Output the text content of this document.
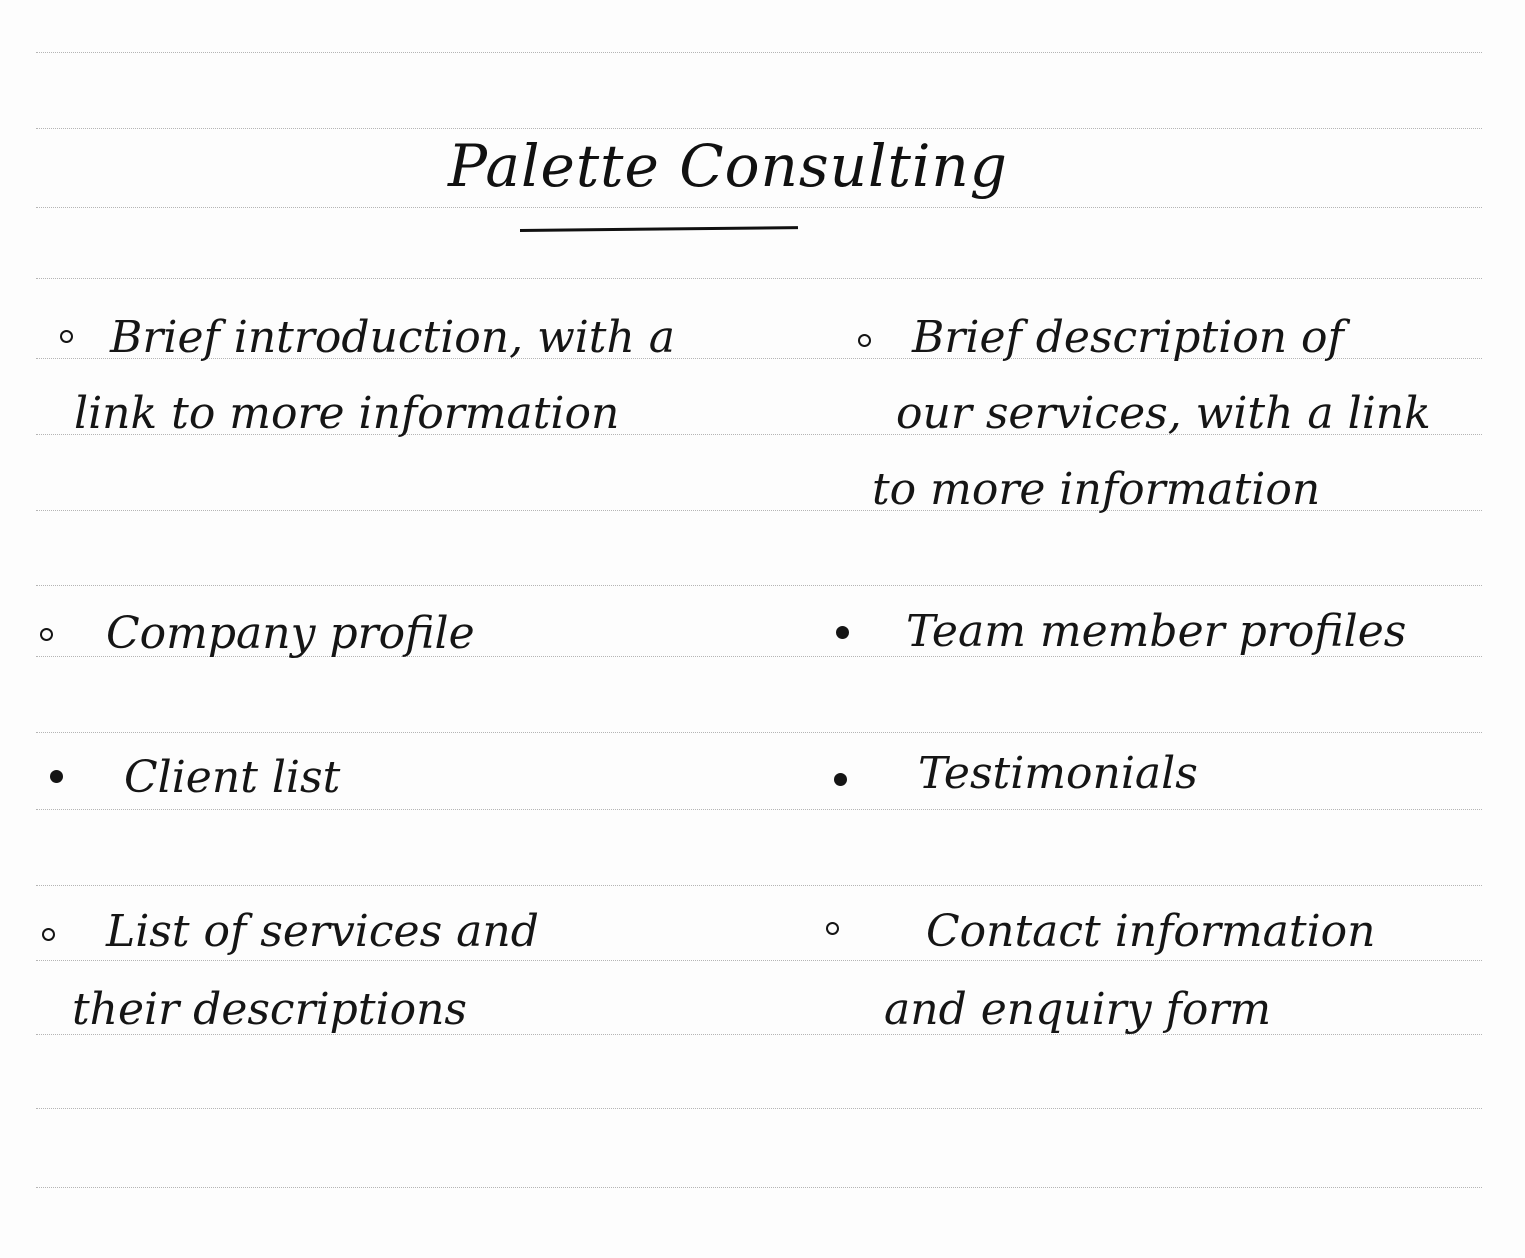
Palette Consulting
Brief introduction, with a
link to more information
Brief description of
our services, with a link
to more information
Company profile	Team member profiles
Client list	Testimonials
List of services and
their descriptions
Contact information
and enquiry form
